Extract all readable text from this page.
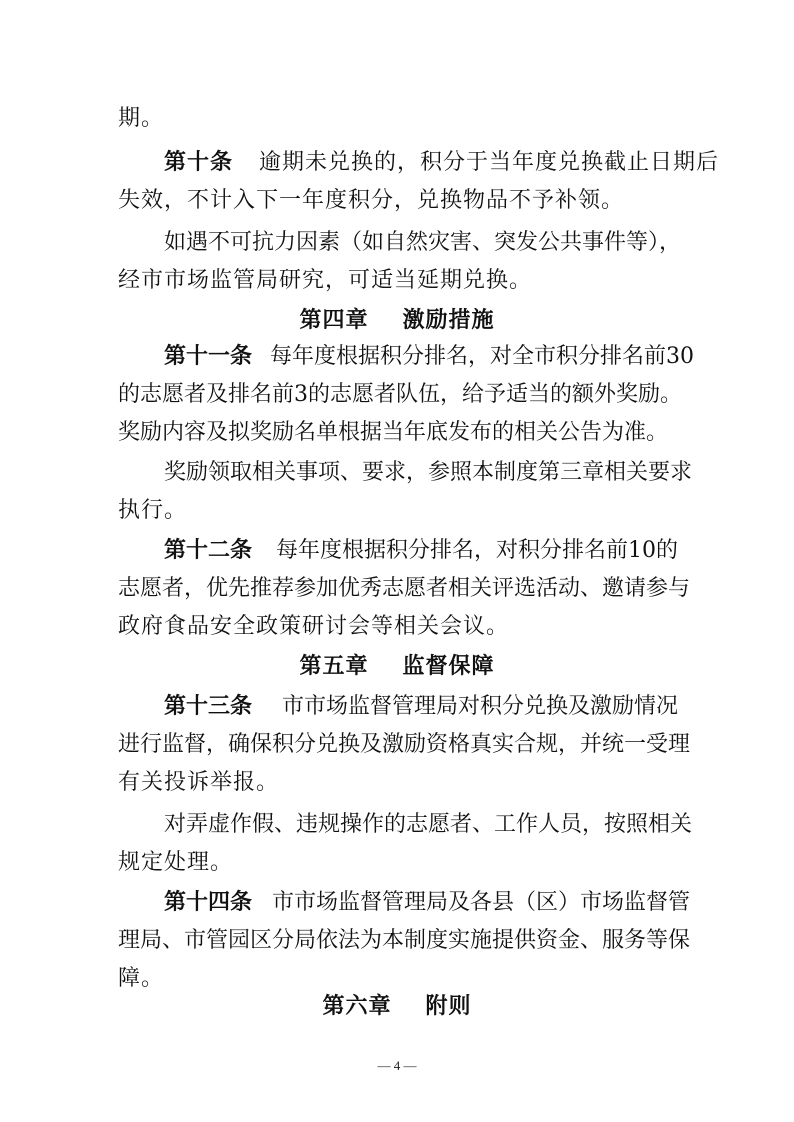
期。
第十条 逾期未兑换的，积分于当年度兑换截止日期后
失效，不计入下一年度积分，兑换物品不予补领。
如遇不可抗力因素（如自然灾害、突发公共事件等），
经市市场监管局研究，可适当延期兑换。
第四章 激励措施
第十一条 每年度根据积分排名，对全市积分排名前30
的志愿者及排名前3的志愿者队伍，给予适当的额外奖励。
奖励内容及拟奖励名单根据当年底发布的相关公告为准。
奖励领取相关事项、要求，参照本制度第三章相关要求
执行。
第十二条 每年度根据积分排名，对积分排名前10的
志愿者，优先推荐参加优秀志愿者相关评选活动、邀请参与
政府食品安全政策研讨会等相关会议。
第五章 监督保障
第十三条 市市场监督管理局对积分兑换及激励情况
进行监督，确保积分兑换及激励资格真实合规，并统一受理
有关投诉举报。
对弄虚作假、违规操作的志愿者、工作人员，按照相关
规定处理。
第十四条 市市场监督管理局及各县（区）市场监督管
理局、市管园区分局依法为本制度实施提供资金、服务等保
障。
第六章 附则
— 4 —
